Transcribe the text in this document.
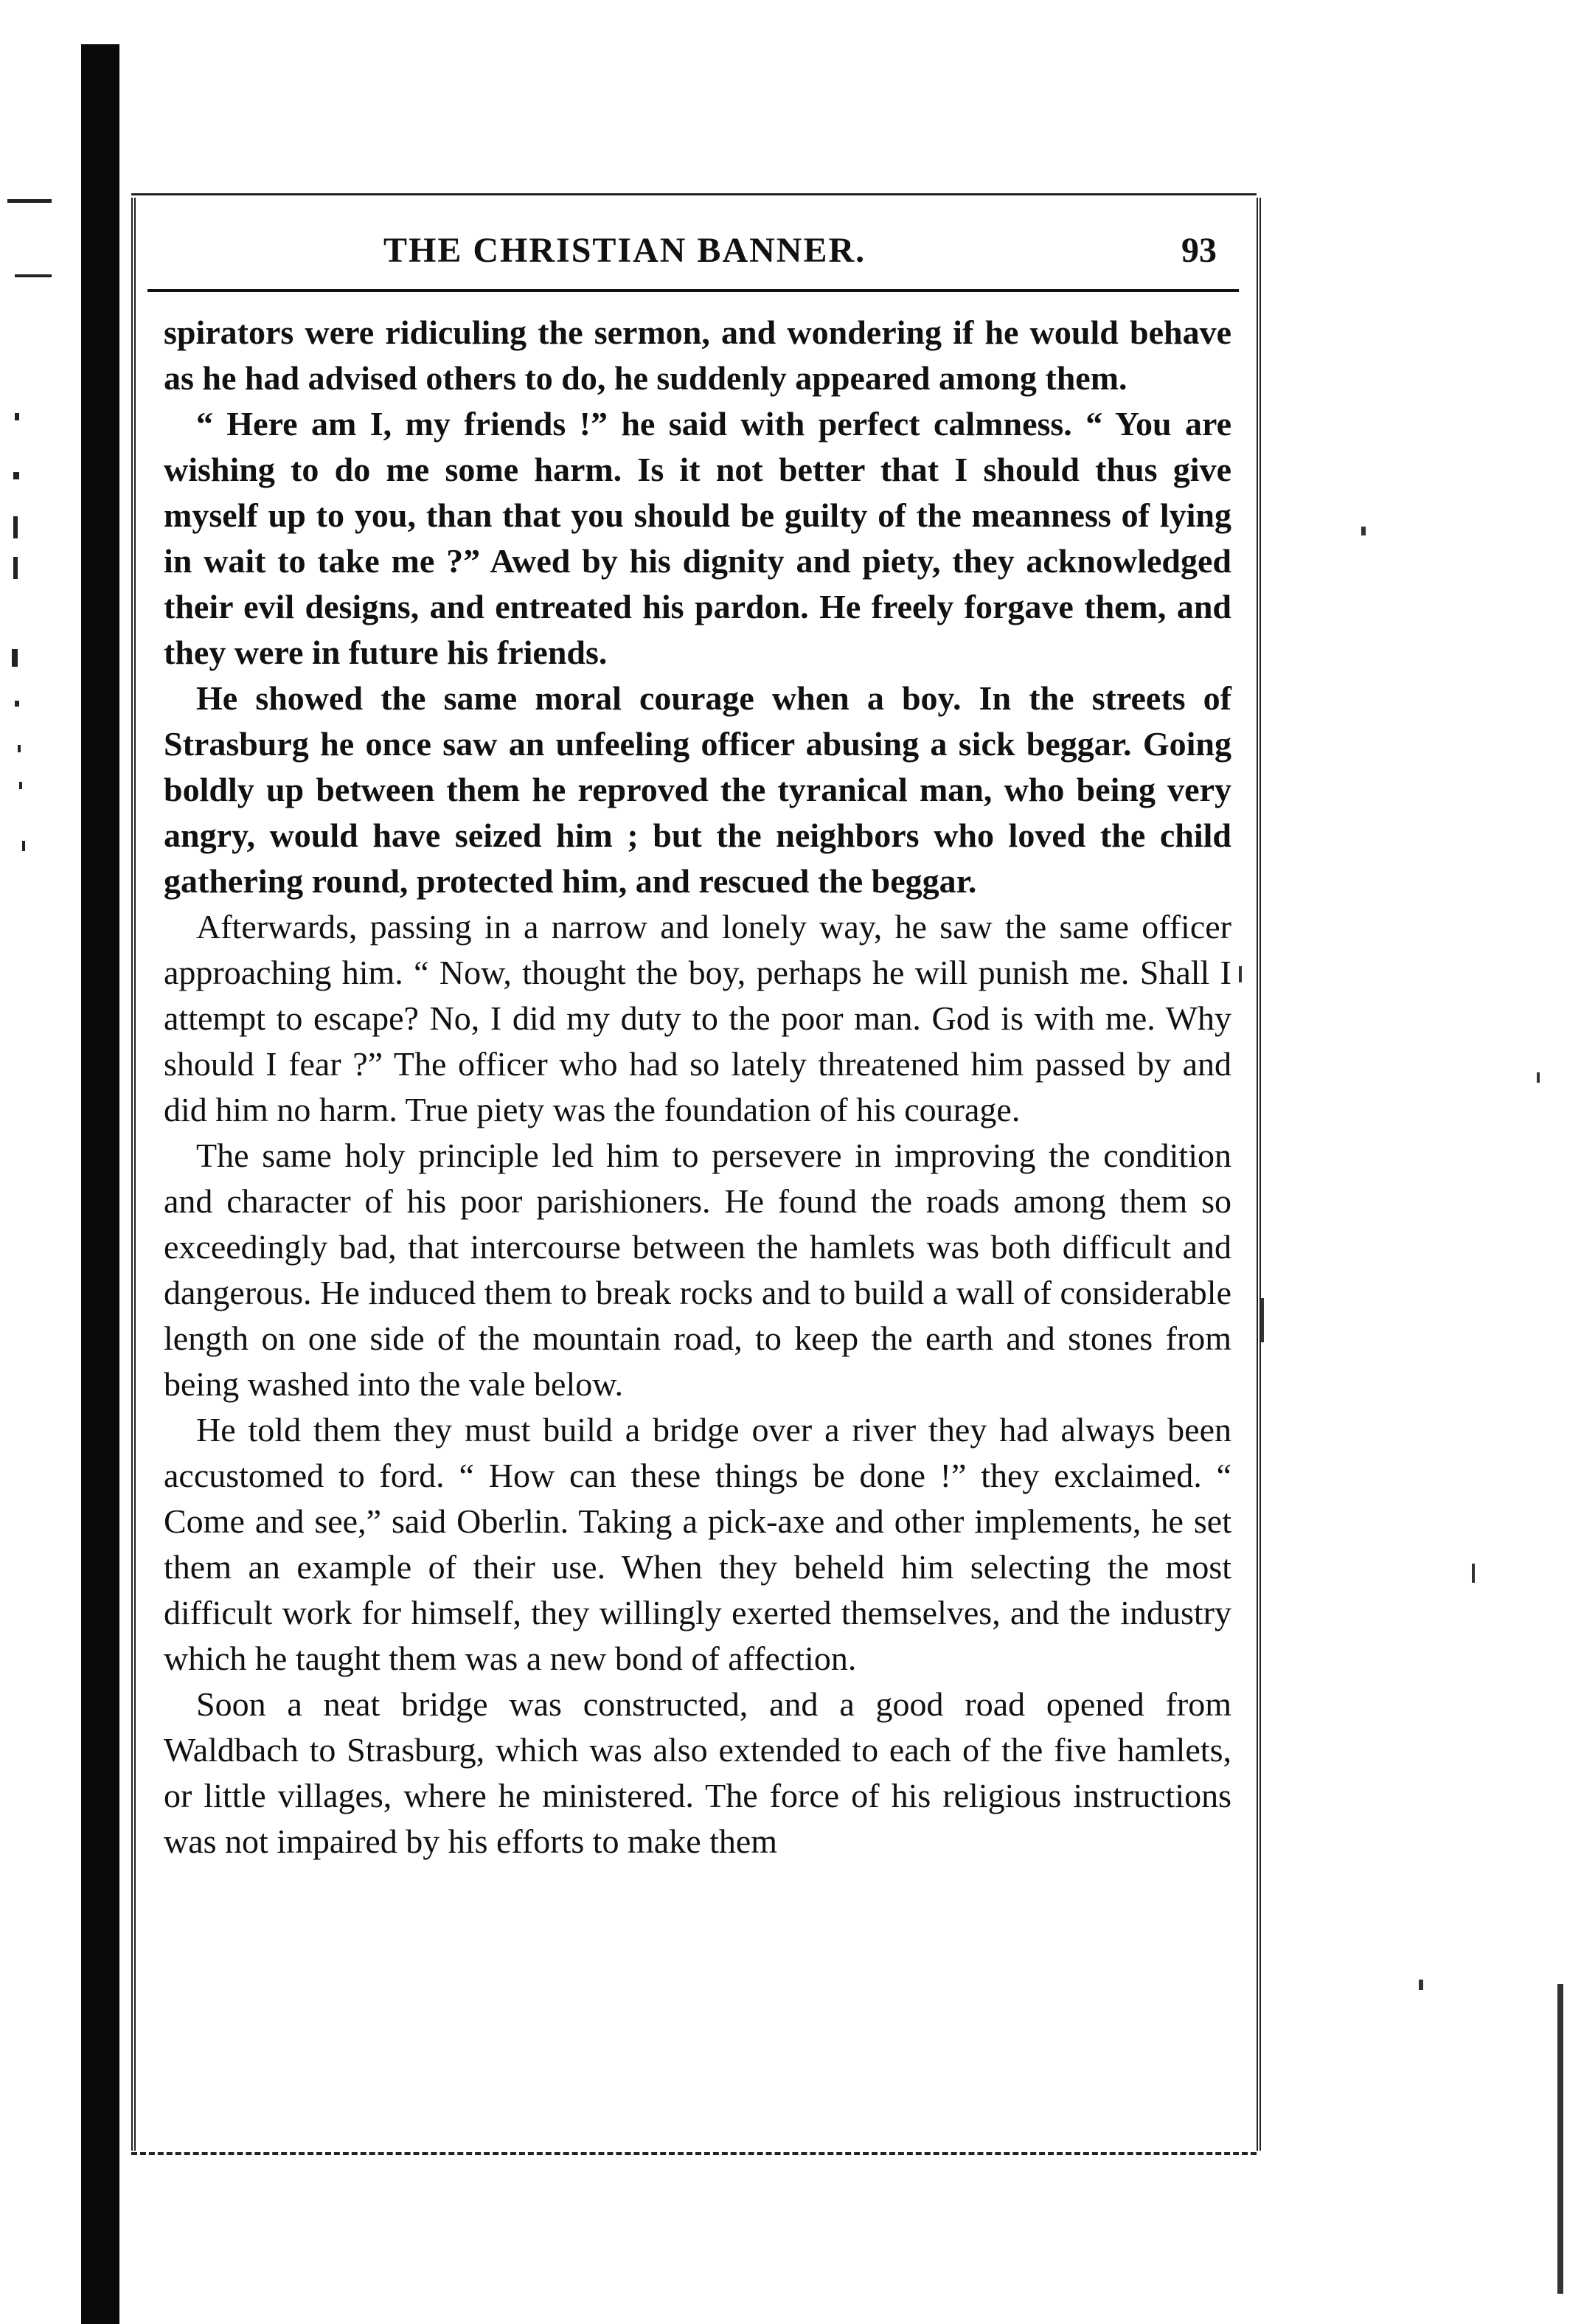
THE CHRISTIAN BANNER.	93

spirators were ridiculing the sermon, and wondering if he would behave as he had advised others to do, he suddenly appeared among them.

“ Here am I, my friends !” he said with perfect calmness. “ You are wishing to do me some harm. Is it not better that I should thus give myself up to you, than that you should be guilty of the meanness of lying in wait to take me ?” Awed by his dignity and piety, they acknowledged their evil designs, and entreated his pardon. He freely forgave them, and they were in future his friends.

He showed the same moral courage when a boy. In the streets of Strasburg he once saw an unfeeling officer abusing a sick beggar. Going boldly up between them he reproved the tyranical man, who being very angry, would have seized him ; but the neighbors who loved the child gathering round, protected him, and rescued the beggar.

Afterwards, passing in a narrow and lonely way, he saw the same officer approaching him. “ Now, thought the boy, perhaps he will punish me. Shall I attempt to escape? No, I did my duty to the poor man. God is with me. Why should I fear ?” The officer who had so lately threatened him passed by and did him no harm. True piety was the foundation of his courage.

The same holy principle led him to persevere in improving the condition and character of his poor parishioners. He found the roads among them so exceedingly bad, that intercourse between the hamlets was both difficult and dangerous. He induced them to break rocks and to build a wall of considerable length on one side of the mountain road, to keep the earth and stones from being washed into the vale below.

He told them they must build a bridge over a river they had always been accustomed to ford. “ How can these things be done !” they exclaimed. “ Come and see,” said Oberlin. Taking a pick-axe and other implements, he set them an example of their use. When they beheld him selecting the most difficult work for himself, they willingly exerted themselves, and the industry which he taught them was a new bond of affection.

Soon a neat bridge was constructed, and a good road opened from Waldbach to Strasburg, which was also extended to each of the five hamlets, or little villages, where he ministered. The force of his religious instructions was not impaired by his efforts to make them
